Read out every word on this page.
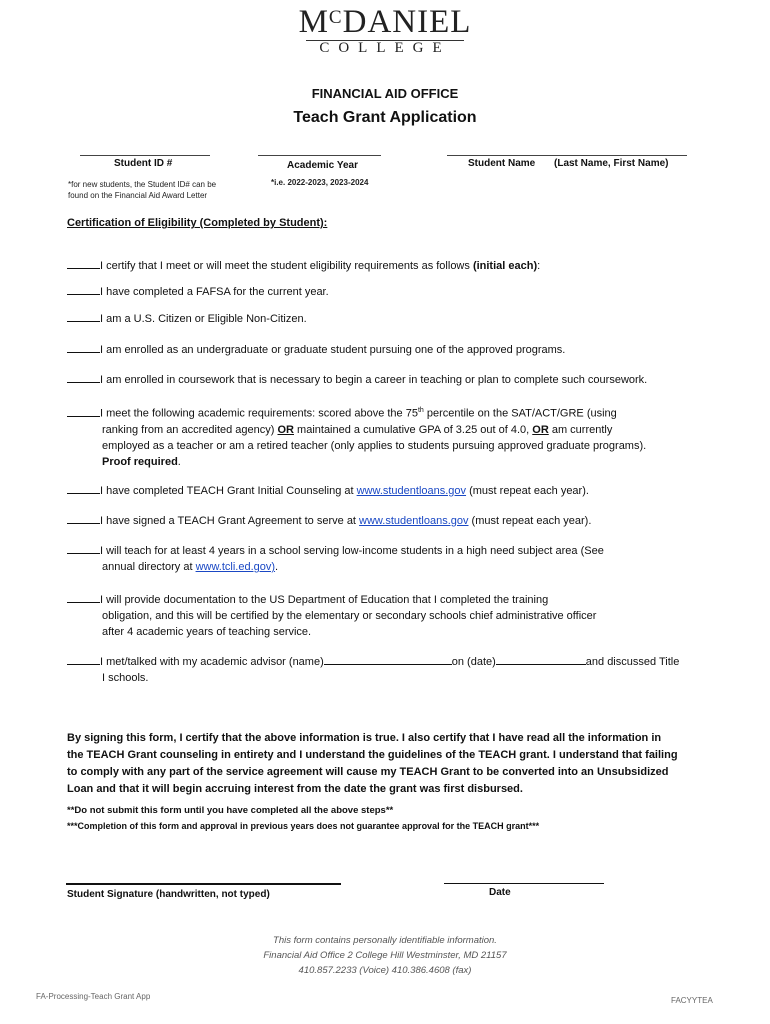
$M^CDANIEL$
COLLEGE
FINANCIAL AID OFFICE
Teach Grant Application
Student ID #
*for new students, the Student ID# can be
found on the Financial Aid Award Letter
Academic Year
*i.e. 2022-2023, 2023-2024
Student Name (Last Name, First Name)
Certification of Eligibility (Completed by Student):
I certify that I meet or will meet the student eligibility requirements as follows (initial each):
I have completed a FAFSA for the current year.
I am a U.S. Citizen or Eligible Non-Citizen.
I am enrolled as an undergraduate or graduate student pursuing one of the approved programs.
I am enrolled in coursework that is necessary to begin a career in teaching or plan to complete such coursework.
I meet the following academic requirements: scored above the 75th percentile on the SAT/ACT/GRE (using
ranking from an accredited agency) OR maintained a cumulative GPA of 3.25 out of 4.0, OR am currently
employed as a teacher or am a retired teacher (only applies to students pursuing approved graduate programs).
Proof required.
I have completed TEACH Grant Initial Counseling at www.studentloans.gov (must repeat each year).
I have signed a TEACH Grant Agreement to serve at www.studentloans.gov (must repeat each year).
I will teach for at least 4 years in a school serving low-income students in a high need subject area (See
annual directory at www.tcli.ed.gov).
I will provide documentation to the US Department of Education that I completed the training
obligation, and this will be certified by the elementary or secondary schools chief administrative officer
after 4 academic years of teaching service.
I met/talked with my academic advisor (name)	on (date)	and discussed Title
I schools.
By signing this form, I certify that the above information is true. I also certify that I have read all the information in
the TEACH Grant counseling in entirety and I understand the guidelines of the TEACH grant. I understand that failing
to comply with any part of the service agreement will cause my TEACH Grant to be converted into an Unsubsidized
Loan and that it will begin accruing interest from the date the grant was first disbursed.
**Do not submit this form until you have completed all the above steps**
***Completion of this form and approval in previous years does not guarantee approval for the TEACH grant***
Student Signature (handwritten, not typed)	Date
This form contains personally identifiable information.
Financial Aid Office 2 College Hill Westminster, MD 21157
410.857.2233 (Voice) 410.386.4608 (fax)
FA-Processing-Teach Grant App	FACYYTEA
